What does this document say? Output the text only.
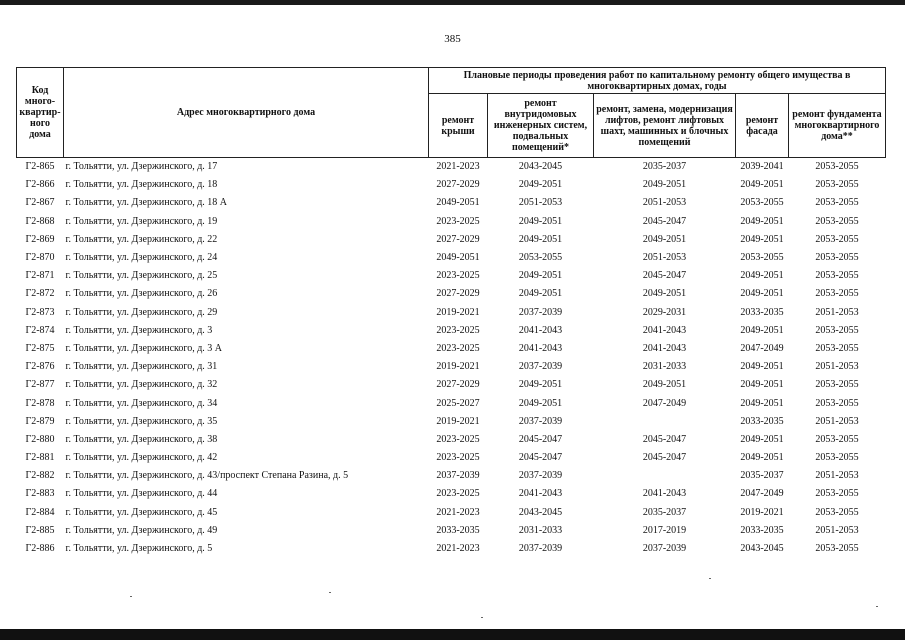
385
Код много-квартир-ного дома	Адрес многоквартирного дома	Плановые периоды проведения работ по капитальному ремонту общего имущества в многоквартирных домах, годы				

		ремонт крыши	ремонт внутридомовых инженерных систем, подвальных помещений*	ремонт, замена, модернизация лифтов, ремонт лифтовых шахт, машинных и блочных помещений	ремонт фасада	ремонт фундамента многоквартирного дома**

Г2-865	г. Тольятти, ул. Дзержинского, д. 17	2021-2023	2043-2045	2035-2037	2039-2041	2053-2055
Г2-866	г. Тольятти, ул. Дзержинского, д. 18	2027-2029	2049-2051	2049-2051	2049-2051	2053-2055
Г2-867	г. Тольятти, ул. Дзержинского, д. 18 А	2049-2051	2051-2053	2051-2053	2053-2055	2053-2055
Г2-868	г. Тольятти, ул. Дзержинского, д. 19	2023-2025	2049-2051	2045-2047	2049-2051	2053-2055
Г2-869	г. Тольятти, ул. Дзержинского, д. 22	2027-2029	2049-2051	2049-2051	2049-2051	2053-2055
Г2-870	г. Тольятти, ул. Дзержинского, д. 24	2049-2051	2053-2055	2051-2053	2053-2055	2053-2055
Г2-871	г. Тольятти, ул. Дзержинского, д. 25	2023-2025	2049-2051	2045-2047	2049-2051	2053-2055
Г2-872	г. Тольятти, ул. Дзержинского, д. 26	2027-2029	2049-2051	2049-2051	2049-2051	2053-2055
Г2-873	г. Тольятти, ул. Дзержинского, д. 29	2019-2021	2037-2039	2029-2031	2033-2035	2051-2053
Г2-874	г. Тольятти, ул. Дзержинского, д. 3	2023-2025	2041-2043	2041-2043	2049-2051	2053-2055
Г2-875	г. Тольятти, ул. Дзержинского, д. 3 А	2023-2025	2041-2043	2041-2043	2047-2049	2053-2055
Г2-876	г. Тольятти, ул. Дзержинского, д. 31	2019-2021	2037-2039	2031-2033	2049-2051	2051-2053
Г2-877	г. Тольятти, ул. Дзержинского, д. 32	2027-2029	2049-2051	2049-2051	2049-2051	2053-2055
Г2-878	г. Тольятти, ул. Дзержинского, д. 34	2025-2027	2049-2051	2047-2049	2049-2051	2053-2055
Г2-879	г. Тольятти, ул. Дзержинского, д. 35	2019-2021	2037-2039		2033-2035	2051-2053
Г2-880	г. Тольятти, ул. Дзержинского, д. 38	2023-2025	2045-2047	2045-2047	2049-2051	2053-2055
Г2-881	г. Тольятти, ул. Дзержинского, д. 42	2023-2025	2045-2047	2045-2047	2049-2051	2053-2055
Г2-882	г. Тольятти, ул. Дзержинского, д. 43/проспект Степана Разина, д. 5	2037-2039	2037-2039		2035-2037	2051-2053
Г2-883	г. Тольятти, ул. Дзержинского, д. 44	2023-2025	2041-2043	2041-2043	2047-2049	2053-2055
Г2-884	г. Тольятти, ул. Дзержинского, д. 45	2021-2023	2043-2045	2035-2037	2019-2021	2053-2055
Г2-885	г. Тольятти, ул. Дзержинского, д. 49	2033-2035	2031-2033	2017-2019	2033-2035	2051-2053
Г2-886	г. Тольятти, ул. Дзержинского, д. 5	2021-2023	2037-2039	2037-2039	2043-2045	2053-2055
